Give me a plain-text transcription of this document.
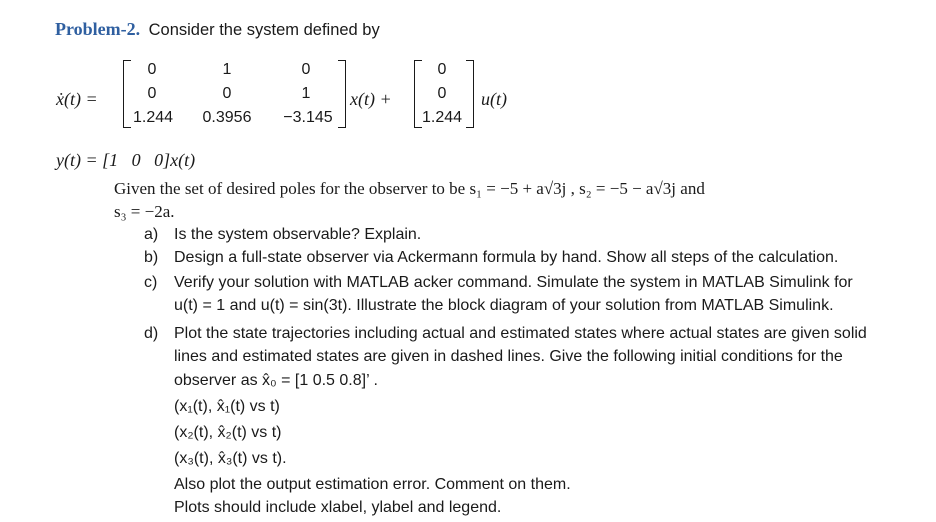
Problem-2. Consider the system defined by
ẋ(t) =
0	1	0
0	0	1
1.244	0.3956	−3.145
x(t) +
0
0
1.244
u(t)
y(t) = [1   0   0]x(t)
Given the set of desired poles for the observer to be s₁ = −5 + a√3j , s₂ = −5 − a√3j and
s₃ = −2a.
a) Is the system observable? Explain.
b) Design a full-state observer via Ackermann formula by hand. Show all steps of the calculation.
c) Verify your solution with MATLAB acker command. Simulate the system in MATLAB Simulink for
u(t) = 1 and u(t) = sin(3t). Illustrate the block diagram of your solution from MATLAB Simulink.
d) Plot the state trajectories including actual and estimated states where actual states are given solid
lines and estimated states are given in dashed lines. Give the following initial conditions for the
observer as x̂₀ = [1 0.5 0.8]’ .
(x₁(t), x̂₁(t) vs t)
(x₂(t), x̂₂(t) vs t)
(x₃(t), x̂₃(t) vs t).
Also plot the output estimation error. Comment on them.
Plots should include xlabel, ylabel and legend.
